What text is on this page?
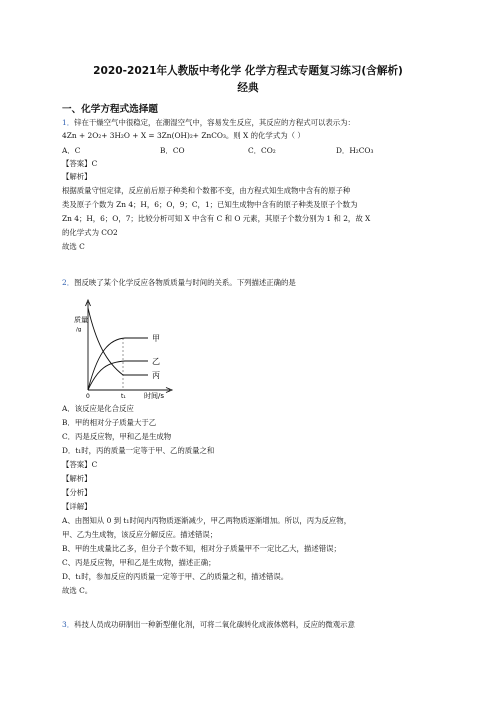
2020-2021年人教版中考化学 化学方程式专题复习练习(含解析)
经典
一、化学方程式选择题
1．锌在干燥空气中很稳定，在潮湿空气中，容易发生反应，其反应的方程式可以表示为：
4Zn + 2O₂+ 3H₂O + X = 3Zn(OH)₂+ ZnCO₃。则 X 的化学式为（ ）
A．C	B．CO	C．CO₂	D．H₂CO₃
【答案】C
【解析】
根据质量守恒定律，反应前后原子种类和个数都不变，由方程式知生成物中含有的原子种
类及原子个数为 Zn 4；H，6；O，9；C，1；已知生成物中含有的原子种类及原子个数为
Zn 4；H，6；O，7；比较分析可知 X 中含有 C 和 O 元素，其原子个数分别为 1 和 2，故 X
的化学式为 CO2
故选 C
2．图反映了某个化学反应各物质质量与时间的关系。下列描述正确的是
质量
/g
甲
乙
丙
0	t₁	时间/s
A．该反应是化合反应
B．甲的相对分子质量大于乙
C．丙是反应物，甲和乙是生成物
D．t₁时，丙的质量一定等于甲、乙的质量之和
【答案】C
【解析】
【分析】
【详解】
A、由图知从 0 到 t₁时间内丙物质逐渐减少，甲乙两物质逐渐增加。所以，丙为反应物，
甲、乙为生成物，该反应分解反应。描述错误；
B、甲的生成量比乙多，但分子个数不知，相对分子质量甲不一定比乙大，描述错误；
C、丙是反应物，甲和乙是生成物，描述正确；
D、t₁时，参加反应的丙质量一定等于甲、乙的质量之和，描述错误。
故选 C。
3．科技人员成功研制出一种新型催化剂，可将二氧化碳转化成液体燃料，反应的微观示意
